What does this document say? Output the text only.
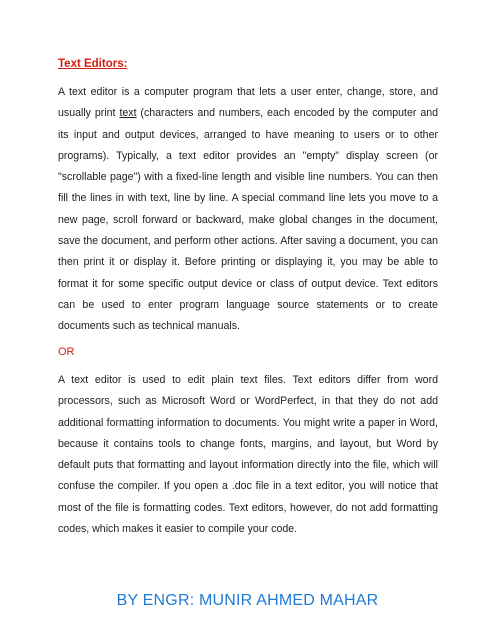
Text Editors:

A text editor is a computer program that lets a user enter, change, store, and usually print text (characters and numbers, each encoded by the computer and its input and output devices, arranged to have meaning to users or to other programs). Typically, a text editor provides an "empty" display screen (or "scrollable page") with a fixed-line length and visible line numbers. You can then fill the lines in with text, line by line. A special command line lets you move to a new page, scroll forward or backward, make global changes in the document, save the document, and perform other actions. After saving a document, you can then print it or display it. Before printing or displaying it, you may be able to format it for some specific output device or class of output device. Text editors can be used to enter program language source statements or to create documents such as technical manuals.

OR

A text editor is used to edit plain text files. Text editors differ from word processors, such as Microsoft Word or WordPerfect, in that they do not add additional formatting information to documents. You might write a paper in Word, because it contains tools to change fonts, margins, and layout, but Word by default puts that formatting and layout information directly into the file, which will confuse the compiler. If you open a .doc file in a text editor, you will notice that most of the file is formatting codes. Text editors, however, do not add formatting codes, which makes it easier to compile your code.

BY ENGR: MUNIR AHMED MAHAR
